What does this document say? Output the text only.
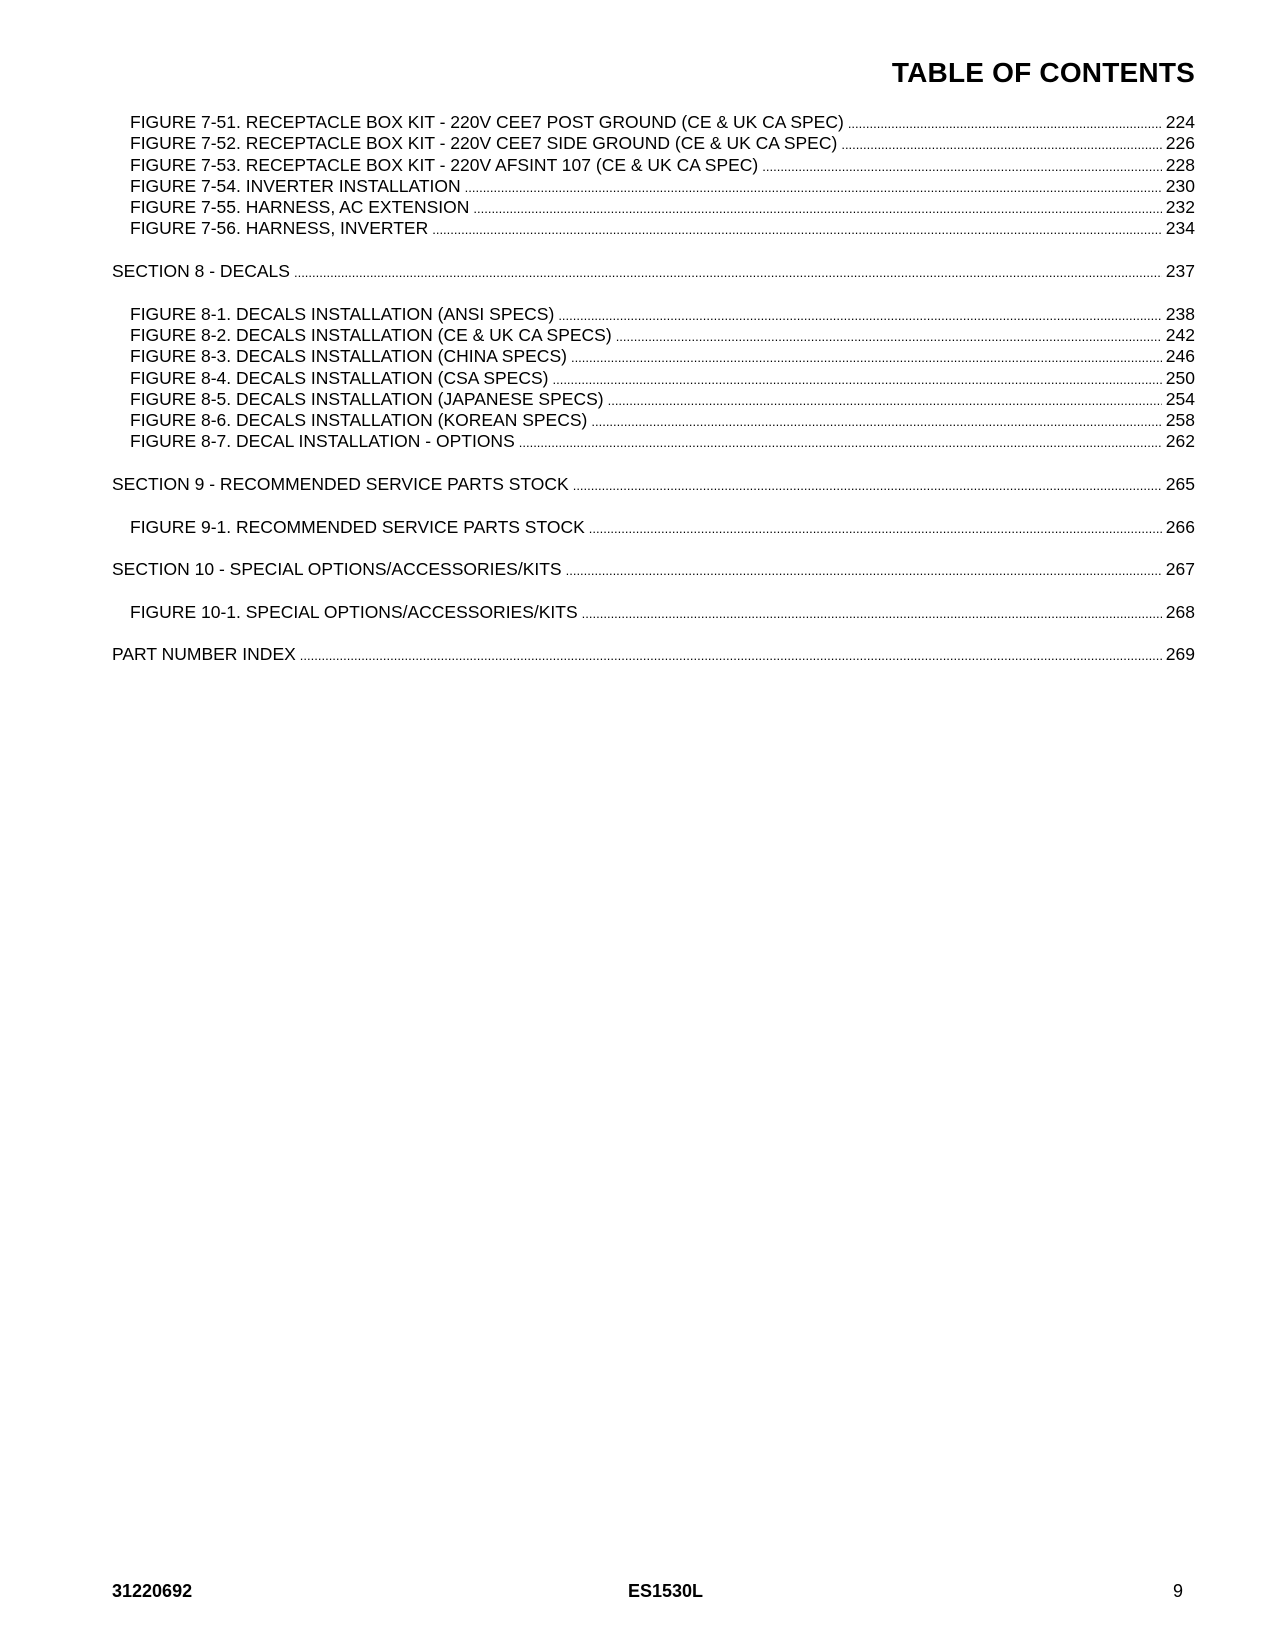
TABLE OF CONTENTS
FIGURE 7-51. RECEPTACLE BOX KIT - 220V CEE7 POST GROUND (CE & UK CA SPEC) .....	224
FIGURE 7-52. RECEPTACLE BOX KIT - 220V CEE7 SIDE GROUND (CE & UK CA SPEC) .....	226
FIGURE 7-53. RECEPTACLE BOX KIT - 220V AFSINT 107 (CE & UK CA SPEC) .....	228
FIGURE 7-54. INVERTER INSTALLATION .....	230
FIGURE 7-55. HARNESS, AC EXTENSION .....	232
FIGURE 7-56. HARNESS, INVERTER .....	234
SECTION 8 - DECALS .....	237
FIGURE 8-1. DECALS INSTALLATION (ANSI SPECS) .....	238
FIGURE 8-2. DECALS INSTALLATION (CE & UK CA SPECS) .....	242
FIGURE 8-3. DECALS INSTALLATION (CHINA SPECS) .....	246
FIGURE 8-4. DECALS INSTALLATION (CSA SPECS) .....	250
FIGURE 8-5. DECALS INSTALLATION (JAPANESE SPECS) .....	254
FIGURE 8-6. DECALS INSTALLATION (KOREAN SPECS) .....	258
FIGURE 8-7. DECAL INSTALLATION - OPTIONS .....	262
SECTION 9 - RECOMMENDED SERVICE PARTS STOCK .....	265
FIGURE 9-1. RECOMMENDED SERVICE PARTS STOCK .....	266
SECTION 10 - SPECIAL OPTIONS/ACCESSORIES/KITS .....	267
FIGURE 10-1. SPECIAL OPTIONS/ACCESSORIES/KITS .....	268
PART NUMBER INDEX .....	269
31220692	ES1530L	9
